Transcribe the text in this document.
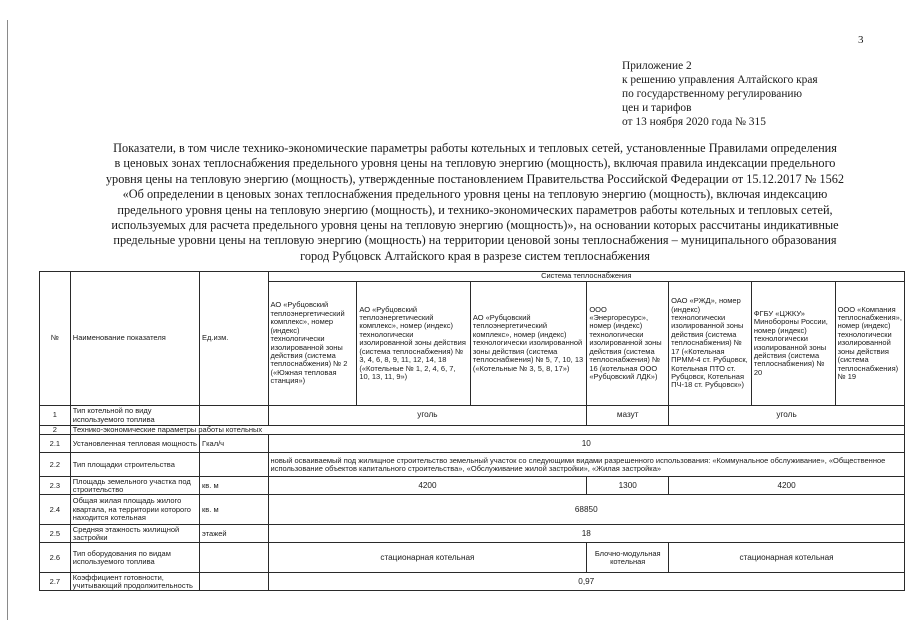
3
Приложение 2
к решению управления Алтайского края
по государственному регулированию
цен и тарифов
от 13 ноября 2020 года № 315
Показатели, в том числе технико-экономические параметры работы котельных и тепловых сетей, установленные Правилами определения
в ценовых зонах теплоснабжения предельного уровня цены на тепловую энергию (мощность), включая правила индексации предельного
уровня цены на тепловую энергию (мощность), утвержденные постановлением Правительства Российской Федерации от 15.12.2017 № 1562
«Об определении в ценовых зонах теплоснабжения предельного уровня цены на тепловую энергию (мощность), включая индексацию
предельного уровня цены на тепловую энергию (мощность), и технико-экономических параметров работы котельных и тепловых сетей,
используемых для расчета предельного уровня цены на тепловую энергию (мощность)», на основании которых рассчитаны индикативные
предельные уровни цены на тепловую энергию (мощность) на территории ценовой зоны теплоснабжения – муниципального образования
город Рубцовск Алтайского края в разрезе систем теплоснабжения
№	Наименование показателя	Ед.изм.	Система теплоснабжения						
			АО «Рубцовский теплоэнергетический комплекс», номер (индекс) технологически изолированной зоны действия (система теплоснабжения) № 2 («Южная тепловая станция»)	АО «Рубцовский теплоэнергетический комплекс», номер (индекс) технологически изолированной зоны действия (система теплоснабжения) № 3, 4, 6, 8, 9, 11, 12, 14, 18 («Котельные № 1, 2, 4, 6, 7, 10, 13, 11, 9»)	АО «Рубцовский теплоэнергетический комплекс», номер (индекс) технологически изолированной зоны действия (система теплоснабжения) № 5, 7, 10, 13 («Котельные № 3, 5, 8, 17»)	ООО «Энергоресурс», номер (индекс) технологически изолированной зоны действия (система теплоснабжения) № 16 (котельная ООО «Рубцовский ЛДК»)	ОАО «РЖД», номер (индекс) технологически изолированной зоны действия (система теплоснабжения) № 17 («Котельная ПРММ-4 ст. Рубцовск, Котельная ПТО ст. Рубцовск, Котельная ПЧ-18 ст. Рубцовск»)	ФГБУ «ЦЖКУ» Минобороны России, номер (индекс) технологически изолированной зоны действия (система теплоснабжения) № 20	ООО «Компания теплоснабжения», номер (индекс) технологически изолированной зоны действия (система теплоснабжения) № 19
1	Тип котельной по виду используемого топлива		уголь			мазут	уголь		
2	Технико-экономические параметры работы котельных								
2.1	Установленная тепловая мощность	Гкал/ч	10						
2.2	Тип площадки строительства		новый осваиваемый под жилищное строительство земельный участок со следующими видами разрешенного использования: «Коммунальное обслуживание», «Общественное использование объектов капитального строительства», «Обслуживание жилой застройки», «Жилая застройка»						
2.3	Площадь земельного участка под строительство	кв. м	4200			1300	4200		
2.4	Общая жилая площадь жилого квартала, на территории которого находится котельная	кв. м	68850						
2.5	Средняя этажность жилищной застройки	этажей	18						
2.6	Тип оборудования по видам используемого топлива		стационарная котельная			Блочно-модульная котельная	стационарная котельная		
2.7	Коэффициент готовности, учитывающий продолжительность		0,97						
